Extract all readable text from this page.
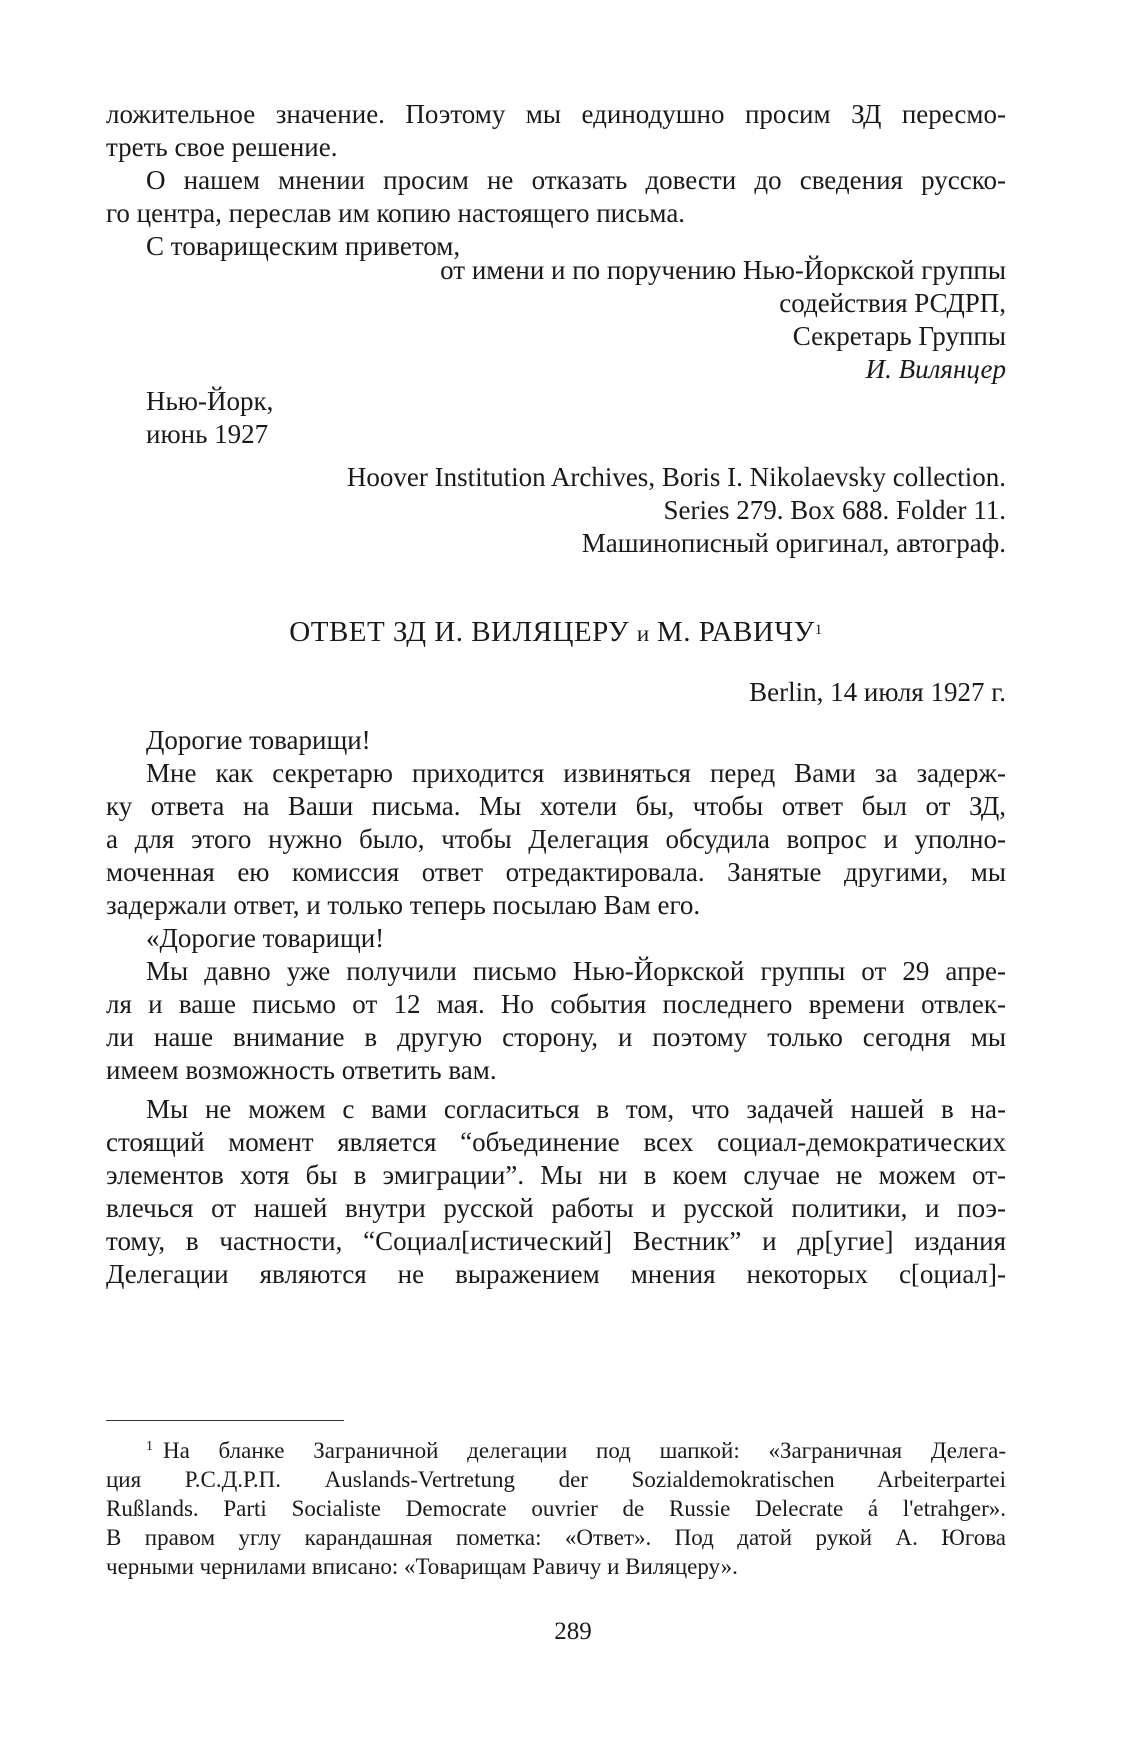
ложительное значение. Поэтому мы единодушно просим ЗД пересмо-

треть свое решение.

О нашем мнении просим не отказать довести до сведения русско-

го центра, переслав им копию настоящего письма.

С товарищеским приветом,

от имени и по поручению Нью-Йоркской группы

содействия РСДРП,

Секретарь Группы

И. Вилянцер

Нью-Йорк,

июнь 1927

Hoover Institution Archives, Boris I. Nikolaevsky collection.

Series 279. Box 688. Folder 11.

Машинописный оригинал, автограф.

ОТВЕТ ЗД И. ВИЛЯЦЕРУ и М. РАВИЧУ$^1$
Berlin, 14 июля 1927 г.

Дорогие товарищи!

Мне как секретарю приходится извиняться перед Вами за задерж-

ку ответа на Ваши письма. Мы хотели бы, чтобы ответ был от ЗД,

а для этого нужно было, чтобы Делегация обсудила вопрос и уполно-

моченная ею комиссия ответ отредактировала. Занятые другими, мы

задержали ответ, и только теперь посылаю Вам его.

«Дорогие товарищи!

Мы давно уже получили письмо Нью-Йоркской группы от 29 апре-

ля и ваше письмо от 12 мая. Но события последнего времени отвлек-

ли наше внимание в другую сторону, и поэтому только сегодня мы

имеем возможность ответить вам.

Мы не можем с вами согласиться в том, что задачей нашей в на-

стоящий момент является “объединение всех социал-демократических

элементов хотя бы в эмиграции”. Мы ни в коем случае не можем от-

влечься от нашей внутри русской работы и русской политики, и поэ-

тому, в частности, “Социал[истический] Вестник” и др[угие] издания

Делегации являются не выражением мнения некоторых с[оциал]-

$^1$ На бланке Заграничной делегации под шапкой: «Заграничная Делега-

ция Р.С.Д.Р.П. Auslands-Vertretung der Sozialdemokratischen Arbeiterpartei

Rußlands. Parti Socialiste Democrate ouvrier de Russie Delecrate á l'etrahger».

В правом углу карандашная пометка: «Ответ». Под датой рукой А. Югова

черными чернилами вписано: «Товарищам Равичу и Виляцеру».

289
